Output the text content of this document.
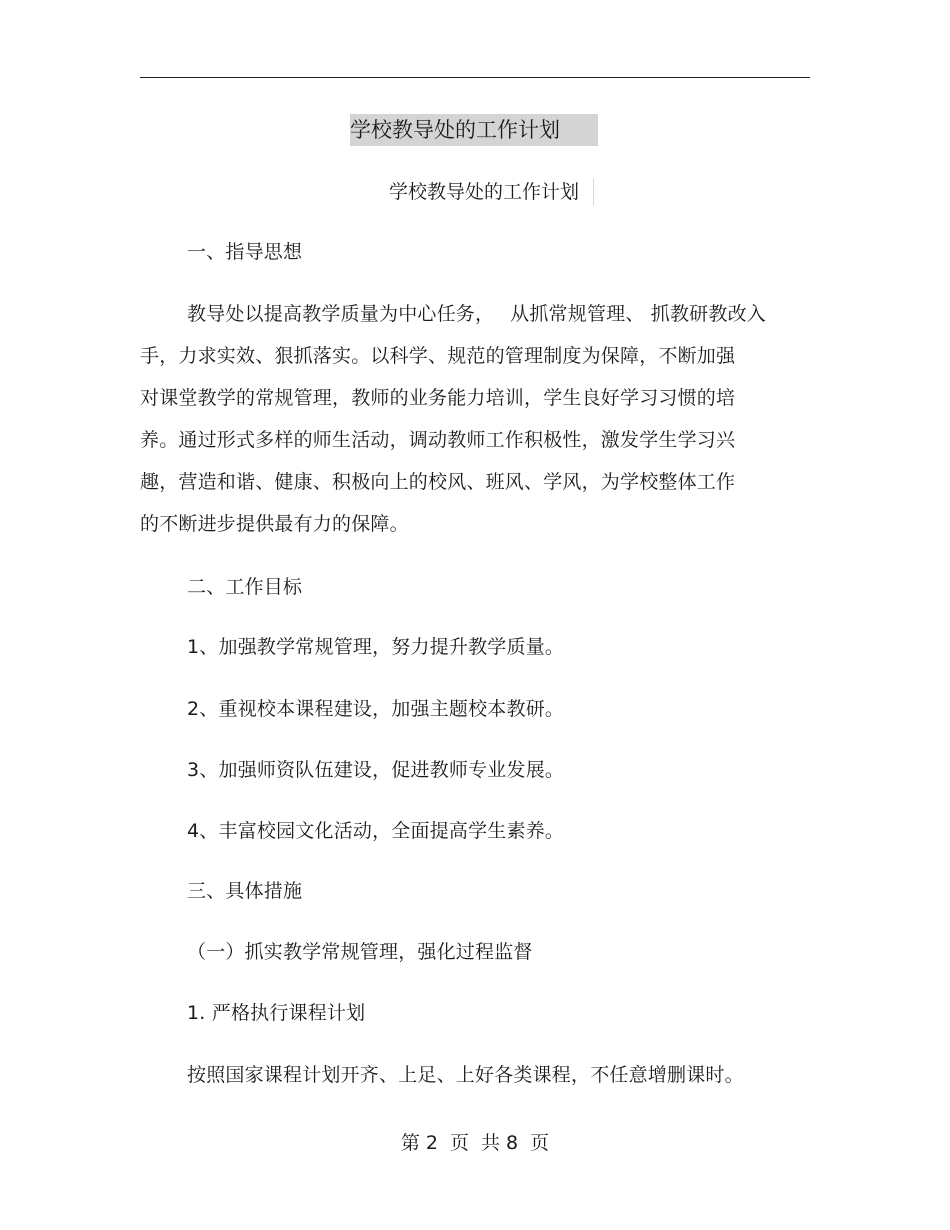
学校教导处的工作计划
学校教导处的工作计划
一、指导思想
教导处以提高教学质量为中心任务，　 从抓常规管理、 抓教研教改入
手，力求实效、狠抓落实。以科学、规范的管理制度为保障，不断加强
对课堂教学的常规管理，教师的业务能力培训，学生良好学习习惯的培
养。通过形式多样的师生活动，调动教师工作积极性，激发学生学习兴
趣，营造和谐、健康、积极向上的校风、班风、学风，为学校整体工作
的不断进步提供最有力的保障。
二、工作目标
1、加强教学常规管理，努力提升教学质量。
2、重视校本课程建设，加强主题校本教研。
3、加强师资队伍建设，促进教师专业发展。
4、丰富校园文化活动，全面提高学生素养。
三、具体措施
（一）抓实教学常规管理，强化过程监督
1. 严格执行课程计划
按照国家课程计划开齐、上足、上好各类课程，不任意增删课时。
第 2 页 共 8 页
